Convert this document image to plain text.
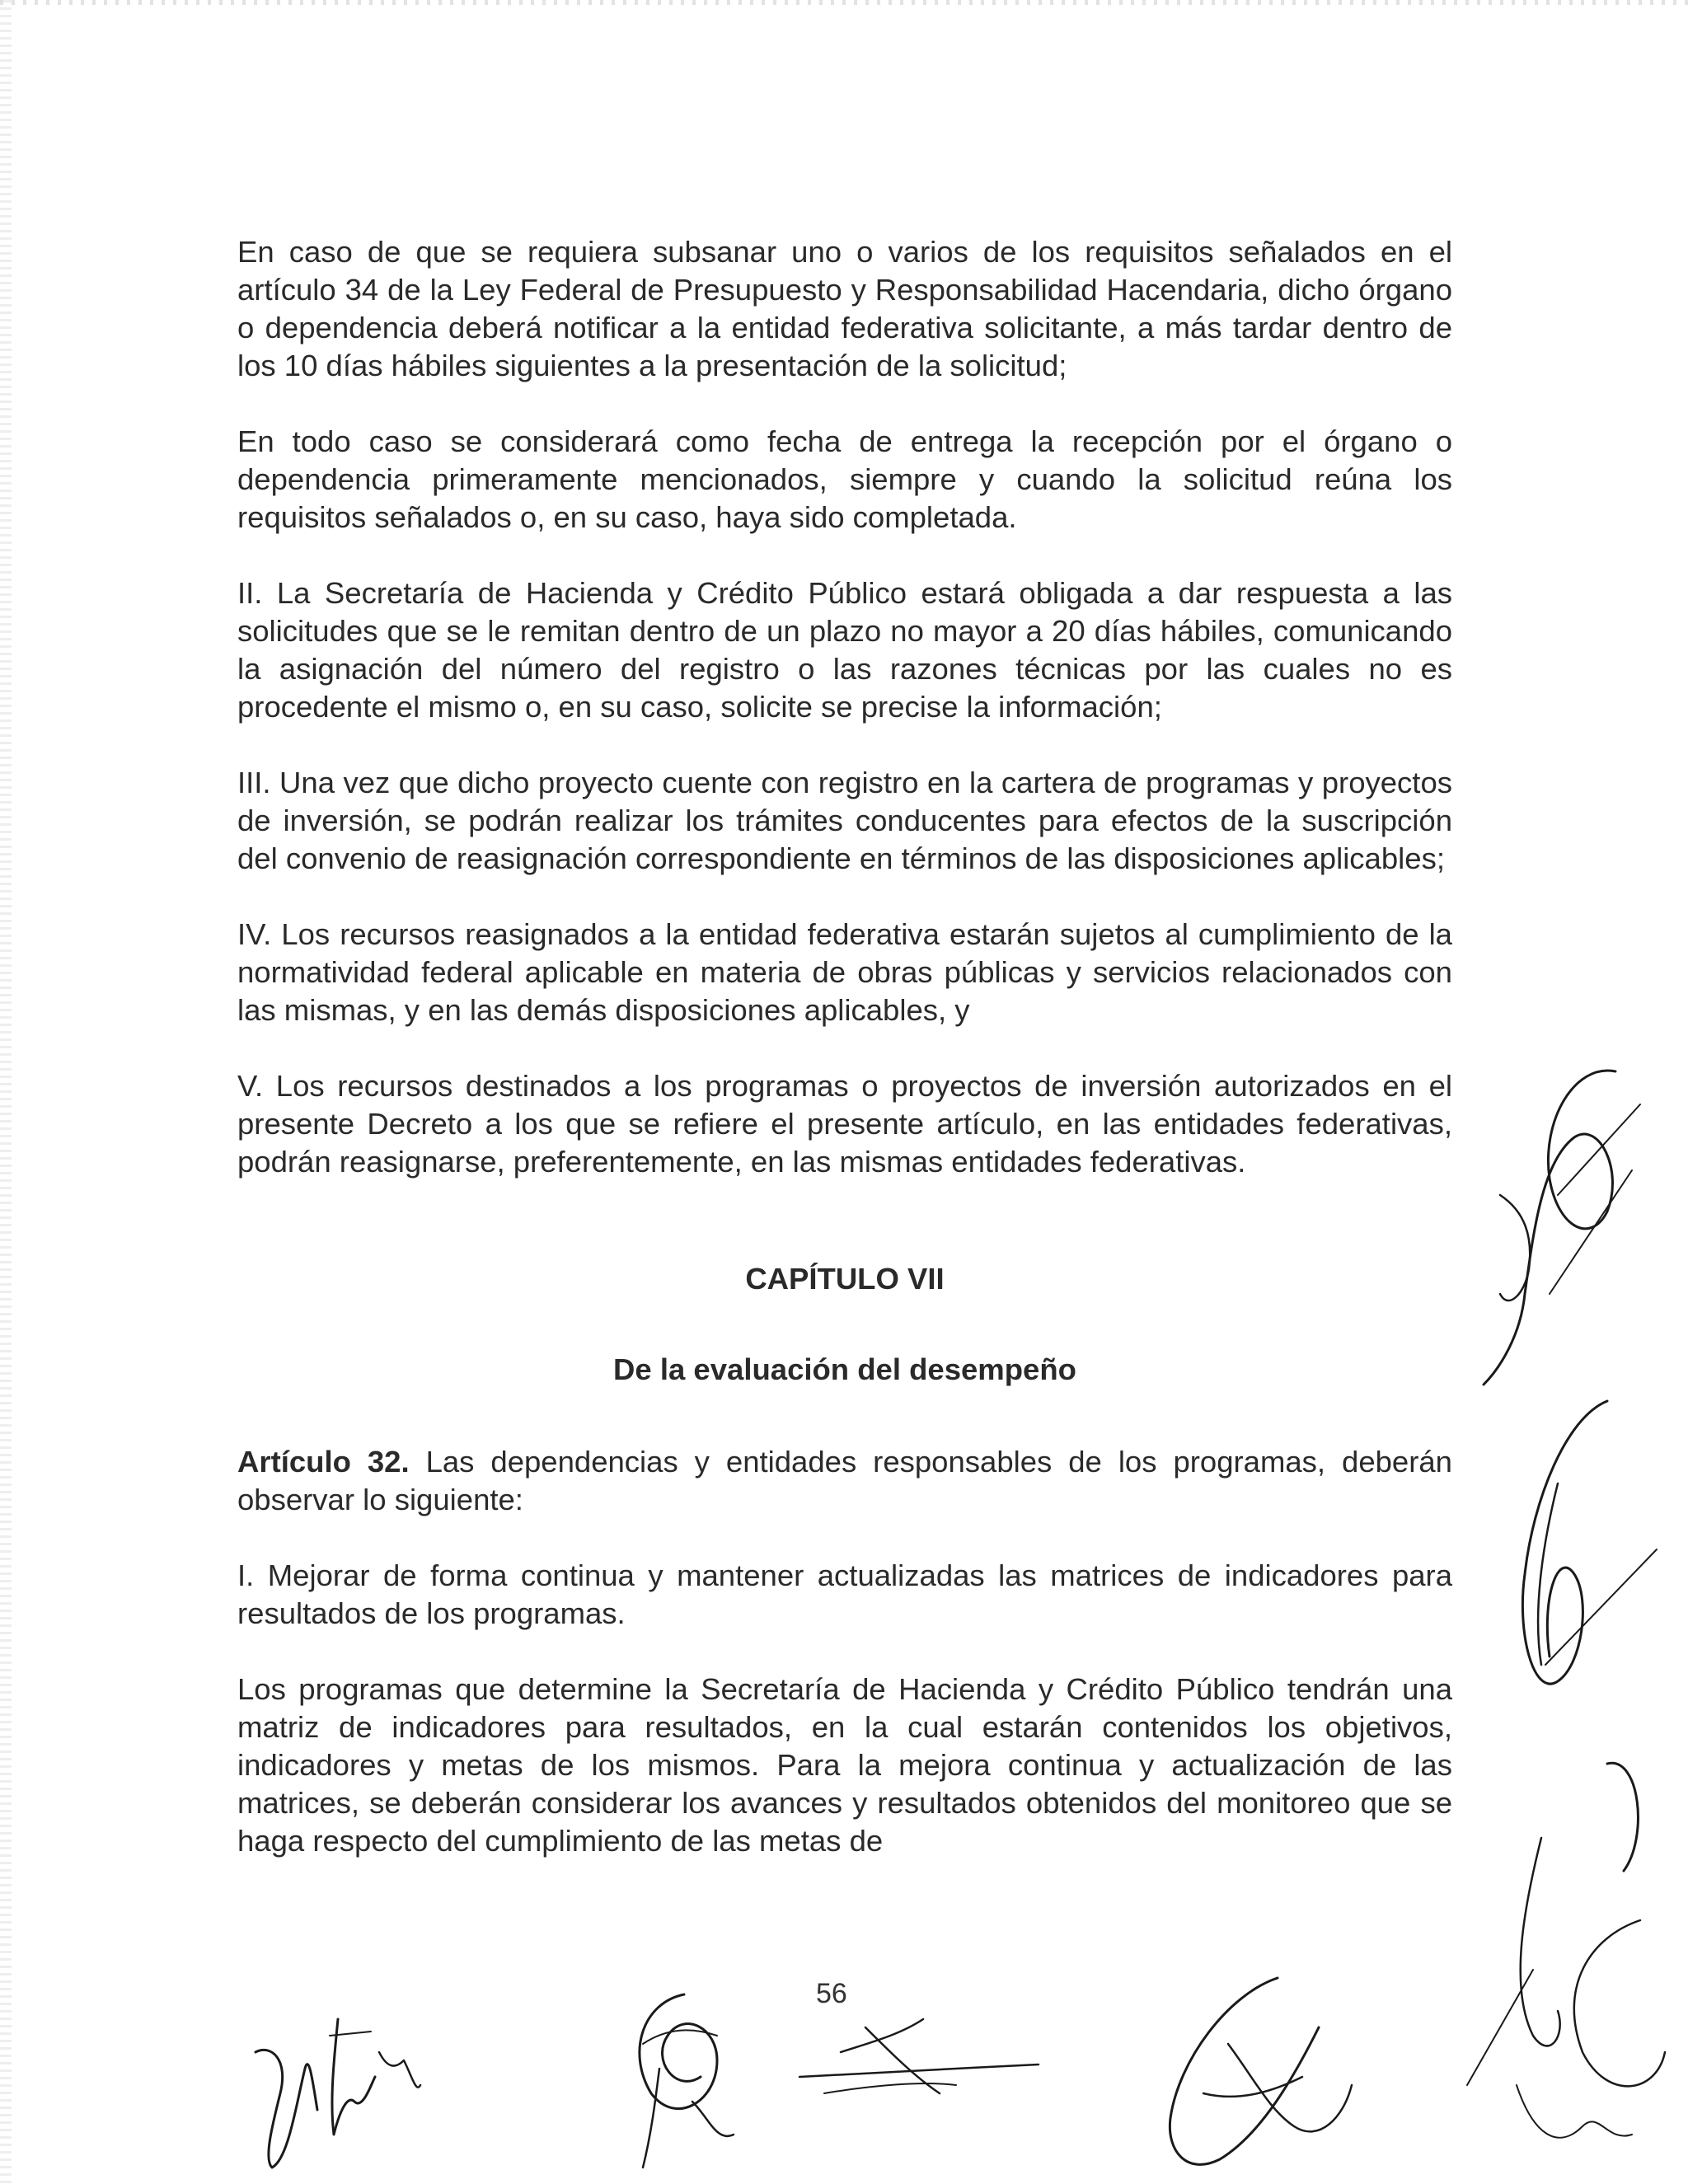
En caso de que se requiera subsanar uno o varios de los requisitos señalados en el artículo 34 de la Ley Federal de Presupuesto y Responsabilidad Hacendaria, dicho órgano o dependencia deberá notificar a la entidad federativa solicitante, a más tardar dentro de los 10 días hábiles siguientes a la presentación de la solicitud;

En todo caso se considerará como fecha de entrega la recepción por el órgano o dependencia primeramente mencionados, siempre y cuando la solicitud reúna los requisitos señalados o, en su caso, haya sido completada.

II. La Secretaría de Hacienda y Crédito Público estará obligada a dar respuesta a las solicitudes que se le remitan dentro de un plazo no mayor a 20 días hábiles, comunicando la asignación del número del registro o las razones técnicas por las cuales no es procedente el mismo o, en su caso, solicite se precise la información;

III. Una vez que dicho proyecto cuente con registro en la cartera de programas y proyectos de inversión, se podrán realizar los trámites conducentes para efectos de la suscripción del convenio de reasignación correspondiente en términos de las disposiciones aplicables;

IV. Los recursos reasignados a la entidad federativa estarán sujetos al cumplimiento de la normatividad federal aplicable en materia de obras públicas y servicios relacionados con las mismas, y en las demás disposiciones aplicables, y

V. Los recursos destinados a los programas o proyectos de inversión autorizados en el presente Decreto a los que se refiere el presente artículo, en las entidades federativas, podrán reasignarse, preferentemente, en las mismas entidades federativas.

CAPÍTULO VII

De la evaluación del desempeño

Artículo 32. Las dependencias y entidades responsables de los programas, deberán observar lo siguiente:

I. Mejorar de forma continua y mantener actualizadas las matrices de indicadores para resultados de los programas.

Los programas que determine la Secretaría de Hacienda y Crédito Público tendrán una matriz de indicadores para resultados, en la cual estarán contenidos los objetivos, indicadores y metas de los mismos. Para la mejora continua y actualización de las matrices, se deberán considerar los avances y resultados obtenidos del monitoreo que se haga respecto del cumplimiento de las metas de

56
